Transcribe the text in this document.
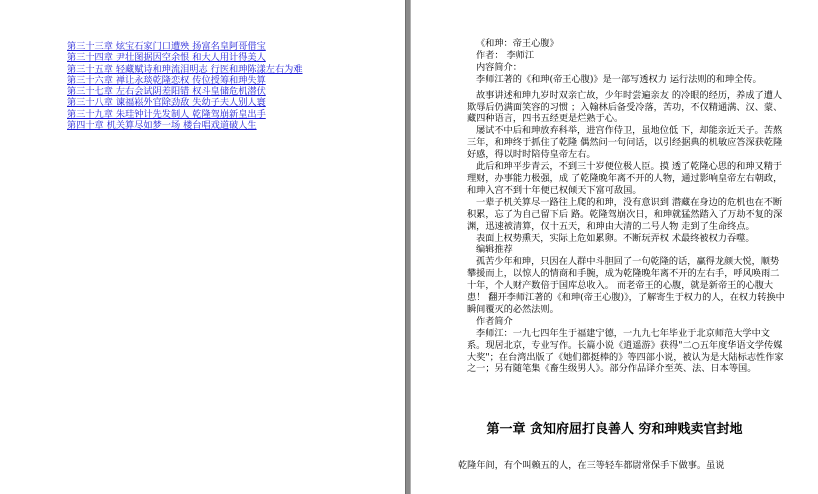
第三十三章 炫宝石家门口遭殃 扬富名皇阿哥借宝
第三十四章 尹壮图据因空余恨 和大人用计得美人
第三十五章 轻藏赋诗和珅流泪明志 行医和珅陈漾左右为难
第三十六章 禅让永琰乾隆恋权 传位授筹和珅失算
第三十七章 左右会试阴差阳错 权斗皇储危机潜伏
第三十八章 谏福崧外官除劲敌 失幼子夫人别人寰
第三十九章 朱珪钟计先发制人 乾隆驾崩新皇出手
第四十章 机关算尽如梦一场 楼台唱戏道破人生

《和珅：帝王心腹》

作者： 李师江

内容简介：

李师江著的《和珅(帝王心腹)》是一部写透权力 运行法则的和珅全传。

故事讲述和珅九岁时双亲亡故，少年时尝遍亲友 的冷眼的经历，养成了遭人欺辱后仍满面笑容的习惯 ；入翰林后备受冷落，苦功，不仅精通满、汉、蒙、藏四种语言，四书五经更是烂熟于心。

屡试不中后和珅放弃科举，进宫作侍卫，虽地位低 下，却能亲近天子。苦熬三年，和珅终于抓住了乾隆 偶然问一句问话，以引经据典的机敏应答深获乾隆好感，得以时时陪侍皇帝左右。

此后和珅平步青云，不到三十岁便位极人臣。摸 透了乾隆心思的和珅又精于理财，办事能力极强，成 了乾隆晚年离不开的人物，通过影响皇帝左右朝政，和珅入宫不到十年便已权倾天下富可敌国。

一辈子机关算尽一路往上爬的和珅，没有意识到 潜藏在身边的危机也在不断积累，忘了为自己留下后 路。乾隆驾崩次日，和珅就猛然踏入了万劫不复的深 渊，迅速被清算，仅十五天，和珅由大清的二号人物 走到了生命终点。

表面上权势熏天，实际上危如累卵。不断玩弄权 术最终被权力吞噬。

编辑推荐

孤苦少年和珅，只因在人群中斗胆回了一句乾隆的话，赢得龙颜大悦，顺势攀援而上，以惊人的情商和手腕，成为乾隆晚年离不开的左右手，呼风唤雨二十年，个人财产数倍于国库总收入。 而老帝王的心腹，就是新帝王的心腹大患！ 翻开李师江著的《和珅(帝王心腹)》，了解寄生于权力的人，在权力转换中瞬间覆灭的必然法则。

作者简介

李师江：一九七四年生于福建宁德，一九九七年毕业于北京师范大学中文系。现居北京，专业写作。长篇小说《逍遥游》获得"二○五年度华语文学传媒大奖"；在台湾出版了《她们都挺棒的》等四部小说，被认为是大陆标志性作家之一；另有随笔集《畜生级男人》。部分作品译介至英、法、日本等国。

第一章 贪知府屈打良善人 穷和珅贱卖官封地

乾隆年间，有个叫赖五的人，在三等轻车都尉常保手下做事。虽说
